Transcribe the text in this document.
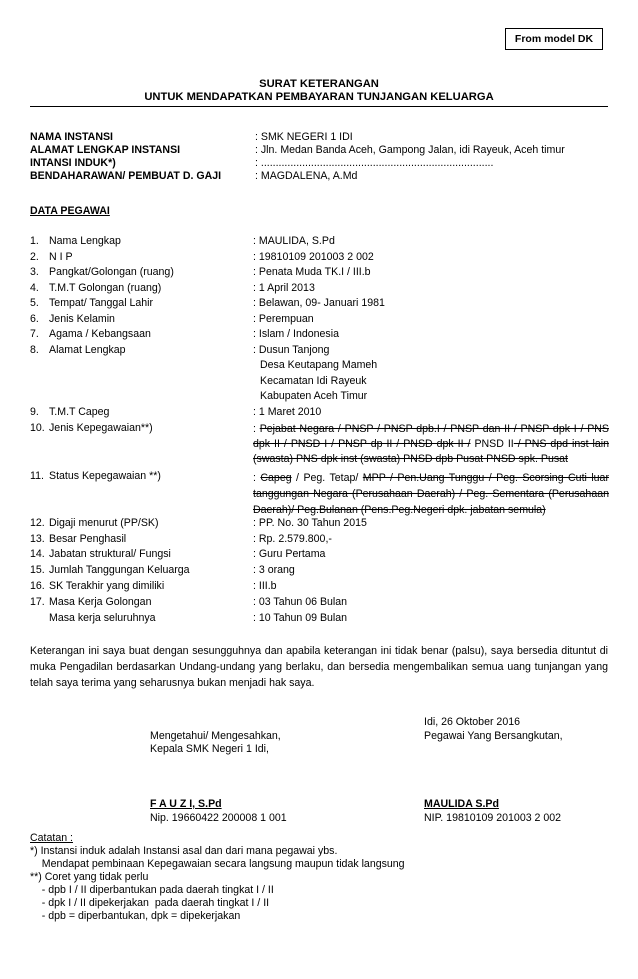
From model DK
SURAT KETERANGAN
UNTUK MENDAPATKAN PEMBAYARAN TUNJANGAN KELUARGA
NAMA INSTANSI	: SMK NEGERI 1 IDI
ALAMAT LENGKAP INSTANSI	: Jln. Medan Banda Aceh, Gampong Jalan, idi Rayeuk, Aceh timur
INTANSI INDUK*)	: ...............................................................................
BENDAHARAWAN/ PEMBUAT D. GAJI	: MAGDALENA, A.Md
DATA PEGAWAI
1. Nama Lengkap	: MAULIDA, S.Pd
2. N I P	: 19810109 201003 2 002
3. Pangkat/Golongan (ruang)	: Penata Muda TK.I / III.b
4. T.M.T Golongan (ruang)	: 1 April 2013
5. Tempat/ Tanggal Lahir	: Belawan, 09- Januari 1981
6. Jenis Kelamin	: Perempuan
7. Agama / Kebangsaan	: Islam / Indonesia
8. Alamat Lengkap	: Dusun Tanjong
Desa Keutapang Mameh
Kecamatan Idi Rayeuk
Kabupaten Aceh Timur
9. T.M.T Capeg	: 1 Maret 2010
10. Jenis Kepegawaian**)	: Pejabat Negara / PNSP / PNSP dpb.I / PNSP dan II / PNSP dpk I / PNS dpk II / PNSD I / PNSP dp II / PNSD dpk II / PNSD II / PNS dpd inst lain (swasta) PNS dpk inst (swasta) PNSD dpb Pusat PNSD spk. Pusat
11. Status Kepegawaian **)	: Capeg / Peg. Tetap/ MPP / Pen.Uang Tunggu / Peg. Scorsing Cuti luar tanggungan Negara (Perusahaan Daerah) / Peg. Sementara (Perusahaan Daerah)/ Peg.Bulanan (Pens.Peg.Negeri dpk. jabatan semula)
12. Digaji menurut (PP/SK)	: PP. No. 30 Tahun 2015
13. Besar Penghasil	: Rp. 2.579.800,-
14. Jabatan struktural/ Fungsi	: Guru Pertama
15. Jumlah Tanggungan Keluarga	: 3 orang
16. SK Terakhir yang dimiliki	: III.b
17. Masa Kerja Golongan	: 03 Tahun 06 Bulan
Masa kerja seluruhnya	: 10 Tahun 09 Bulan
Keterangan ini saya buat dengan sesungguhnya dan apabila keterangan ini tidak benar (palsu), saya bersedia dituntut di muka Pengadilan berdasarkan Undang-undang yang berlaku, dan bersedia mengembalikan semua uang tunjangan yang telah saya terima yang seharusnya bukan menjadi hak saya.
Idi, 26 Oktober 2016
Mengetahui/ Mengesahkan,
Kepala SMK Negeri 1 Idi,
Pegawai Yang Bersangkutan,
F A U Z I, S.Pd
Nip. 19660422 200008 1 001
MAULIDA S.Pd
NIP. 19810109 201003 2 002
Catatan :
*) Instansi induk adalah Instansi asal dan dari mana pegawai ybs.
Mendapat pembinaan Kepegawaian secara langsung maupun tidak langsung
**) Coret yang tidak perlu
- dpb I / II diperbantukan pada daerah tingkat I / II
- dpk I / II dipekerjakan  pada daerah tingkat I / II
- dpb = diperbantukan, dpk = dipekerjakan
